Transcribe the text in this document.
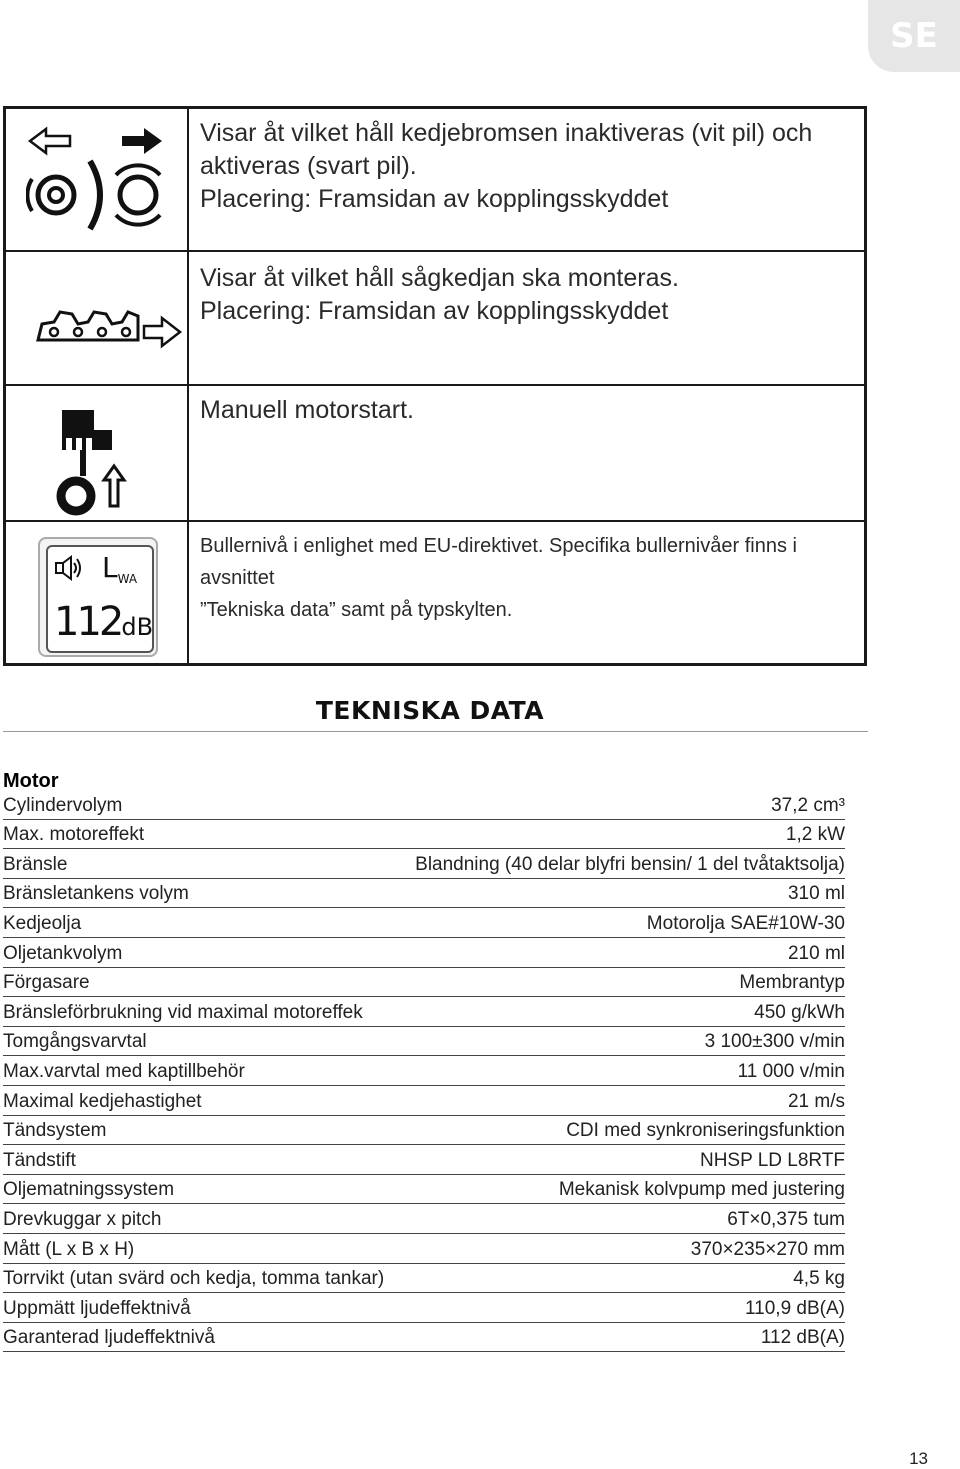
SE
Visar åt vilket håll kedjebromsen inaktiveras (vit pil) och
aktiveras (svart pil).
Placering: Framsidan av kopplingsskyddet
Visar åt vilket håll sågkedjan ska monteras.
Placering: Framsidan av kopplingsskyddet
Manuell motorstart.
$L_{WA}$
112dB
Bullernivå i enlighet med EU-direktivet. Specifika bullernivåer finns i avsnittet
”Tekniska data” samt på typskylten.
TEKNISKA DATA
Motor
Cylindervolym	37,2 cm³
Max. motoreffekt	1,2 kW
Bränsle	Blandning (40 delar blyfri bensin/ 1 del tvåtaktsolja)
Bränsletankens volym	310 ml
Kedjeolja	Motorolja SAE#10W-30
Oljetankvolym	210 ml
Förgasare	Membrantyp
Bränsleförbrukning vid maximal motoreffek	450 g/kWh
Tomgångsvarvtal	3 100±300 v/min
Max.varvtal med kaptillbehör	11 000 v/min
Maximal kedjehastighet	21 m/s
Tändsystem	CDI med synkroniseringsfunktion
Tändstift	NHSP LD L8RTF
Oljematningssystem	Mekanisk kolvpump med justering
Drevkuggar x pitch	6T×0,375 tum
Mått (L x B x H)	370×235×270 mm
Torrvikt (utan svärd och kedja, tomma tankar)	4,5 kg
Uppmätt ljudeffektnivå	110,9 dB(A)
Garanterad ljudeffektnivå	112 dB(A)
13
